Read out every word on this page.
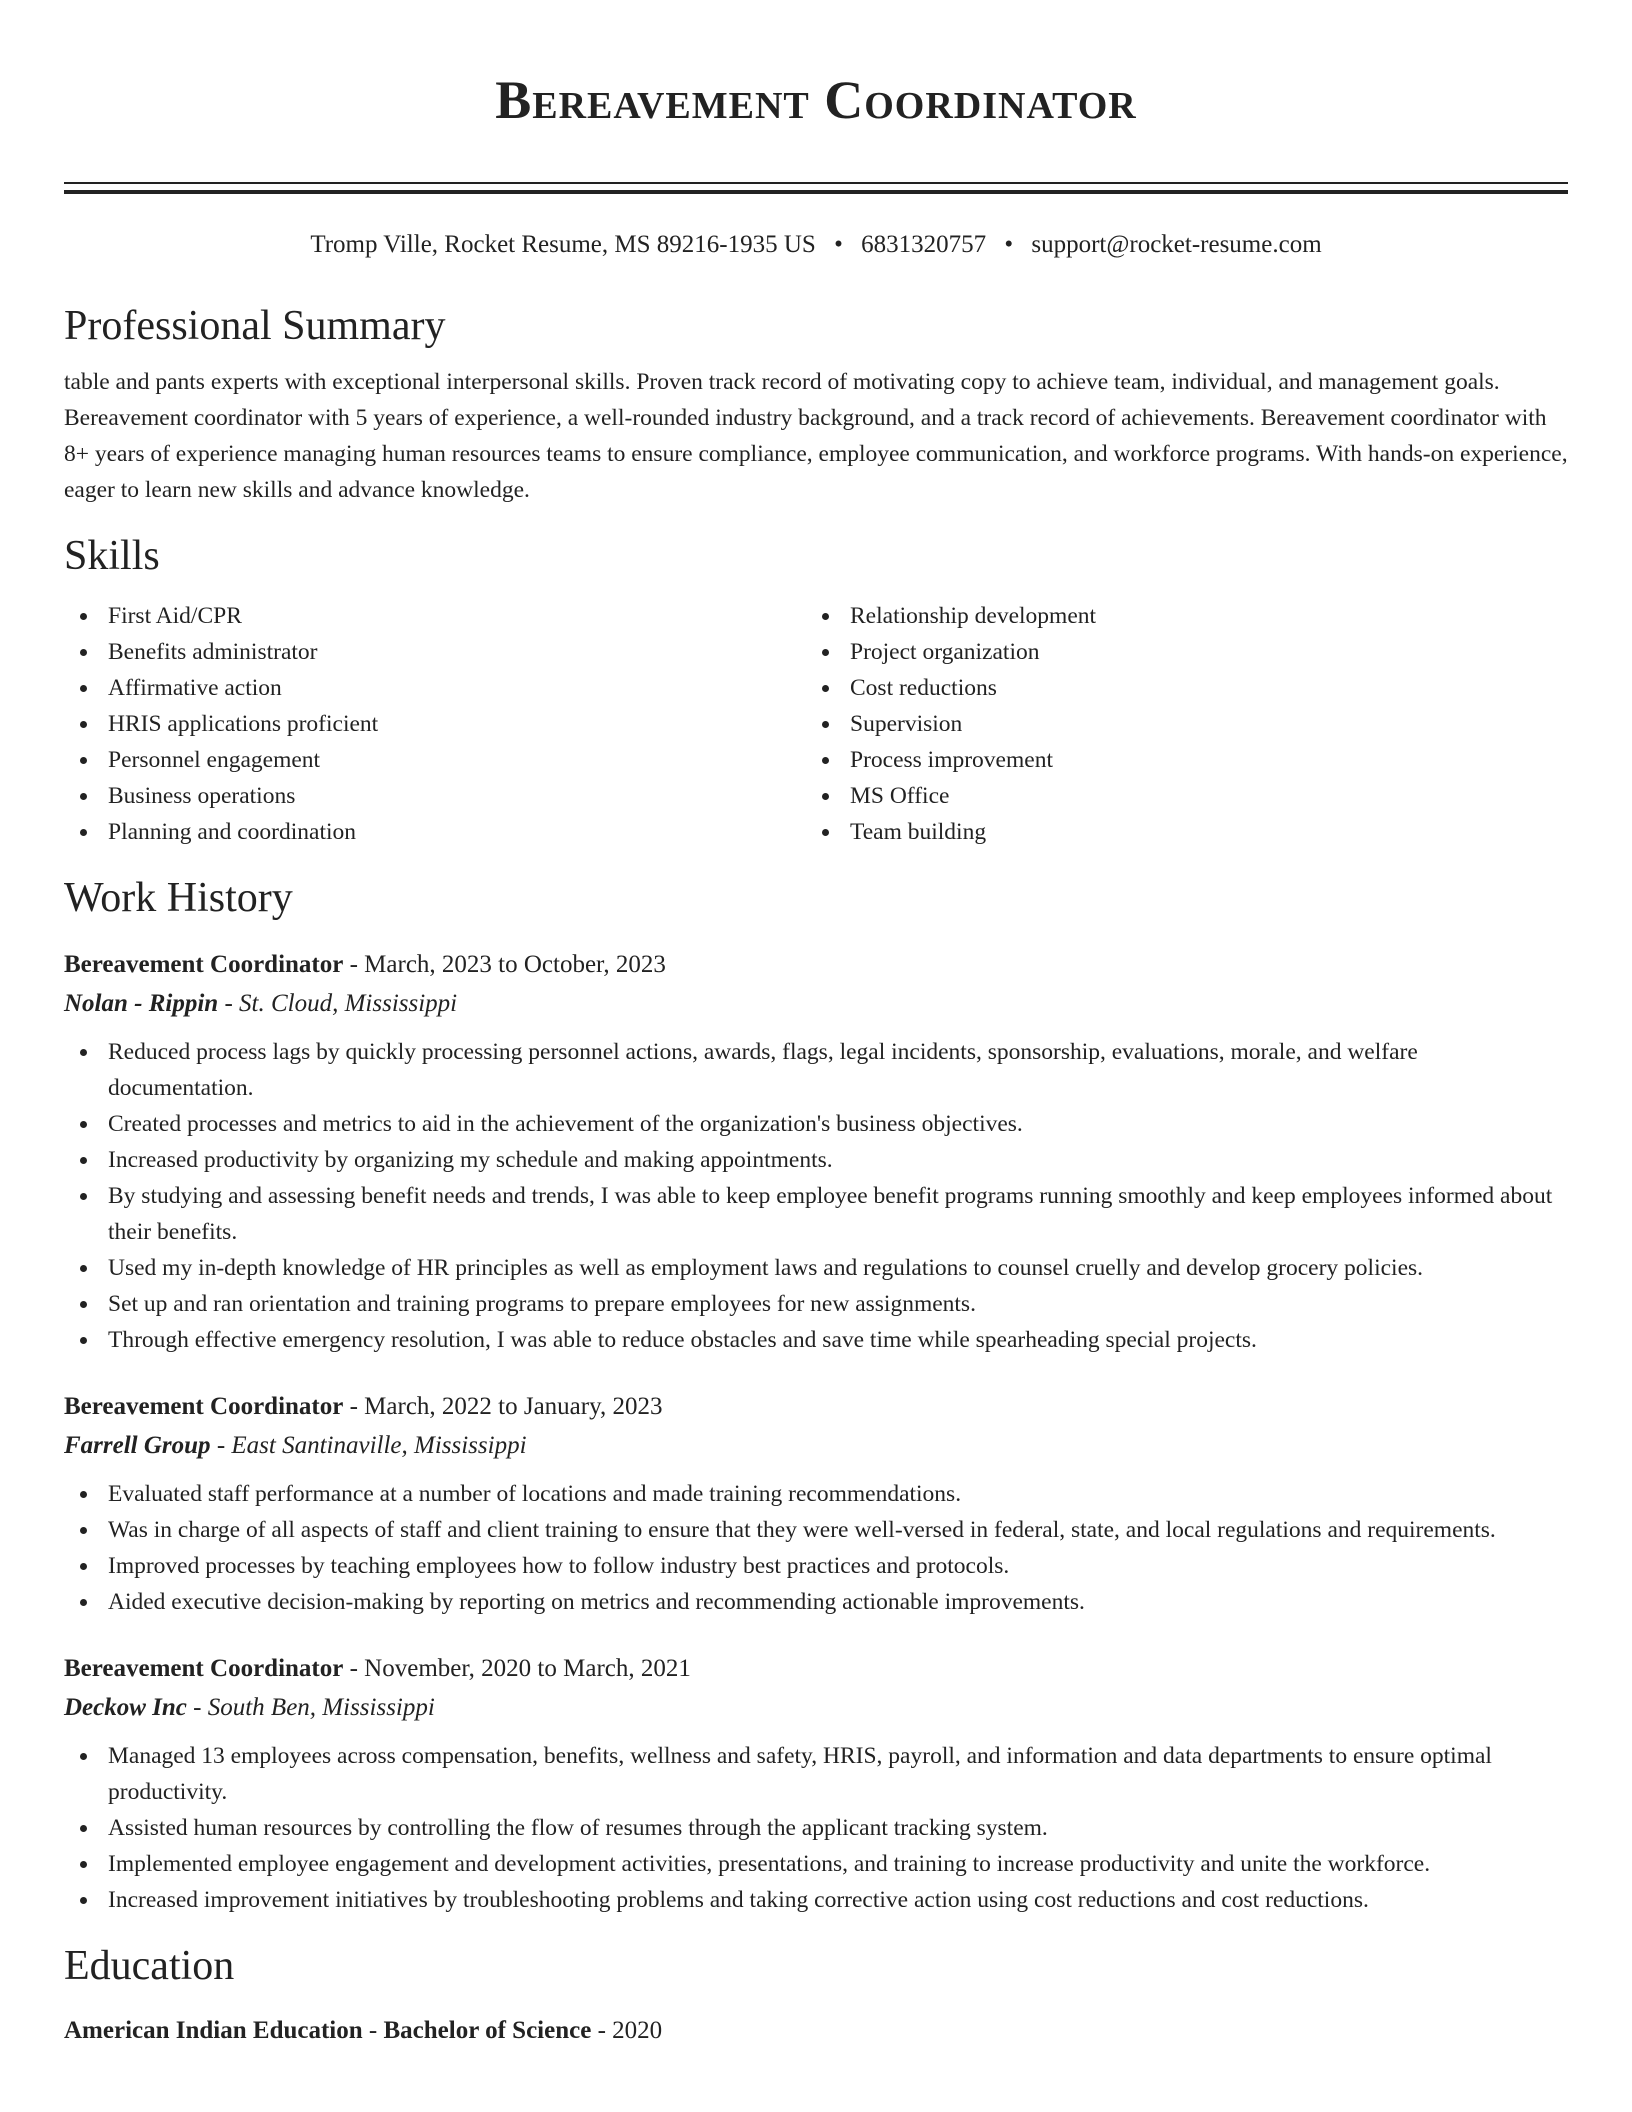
Bereavement Coordinator
Tromp Ville, Rocket Resume, MS 89216-1935 US • 6831320757 • support@rocket-resume.com
Professional Summary

table and pants experts with exceptional interpersonal skills. Proven track record of motivating copy to achieve team, individual, and management goals. Bereavement coordinator with 5 years of experience, a well-rounded industry background, and a track record of achievements. Bereavement coordinator with 8+ years of experience managing human resources teams to ensure compliance, employee communication, and workforce programs. With hands-on experience, eager to learn new skills and advance knowledge.

Skills
First Aid/CPR	Relationship development
Benefits administrator	Project organization
Affirmative action	Cost reductions
HRIS applications proficient	Supervision
Personnel engagement	Process improvement
Business operations	MS Office
Planning and coordination	Team building
Work History
Bereavement Coordinator - March, 2023 to October, 2023
Nolan - Rippin - St. Cloud, Mississippi
Reduced process lags by quickly processing personnel actions, awards, flags, legal incidents, sponsorship, evaluations, morale, and welfare documentation.
Created processes and metrics to aid in the achievement of the organization's business objectives.
Increased productivity by organizing my schedule and making appointments.
By studying and assessing benefit needs and trends, I was able to keep employee benefit programs running smoothly and keep employees informed about their benefits.
Used my in-depth knowledge of HR principles as well as employment laws and regulations to counsel cruelly and develop grocery policies.
Set up and ran orientation and training programs to prepare employees for new assignments.
Through effective emergency resolution, I was able to reduce obstacles and save time while spearheading special projects.
Bereavement Coordinator - March, 2022 to January, 2023
Farrell Group - East Santinaville, Mississippi
Evaluated staff performance at a number of locations and made training recommendations.
Was in charge of all aspects of staff and client training to ensure that they were well-versed in federal, state, and local regulations and requirements.
Improved processes by teaching employees how to follow industry best practices and protocols.
Aided executive decision-making by reporting on metrics and recommending actionable improvements.
Bereavement Coordinator - November, 2020 to March, 2021
Deckow Inc - South Ben, Mississippi
Managed 13 employees across compensation, benefits, wellness and safety, HRIS, payroll, and information and data departments to ensure optimal productivity.
Assisted human resources by controlling the flow of resumes through the applicant tracking system.
Implemented employee engagement and development activities, presentations, and training to increase productivity and unite the workforce.
Increased improvement initiatives by troubleshooting problems and taking corrective action using cost reductions and cost reductions.
Education
American Indian Education - Bachelor of Science - 2020
